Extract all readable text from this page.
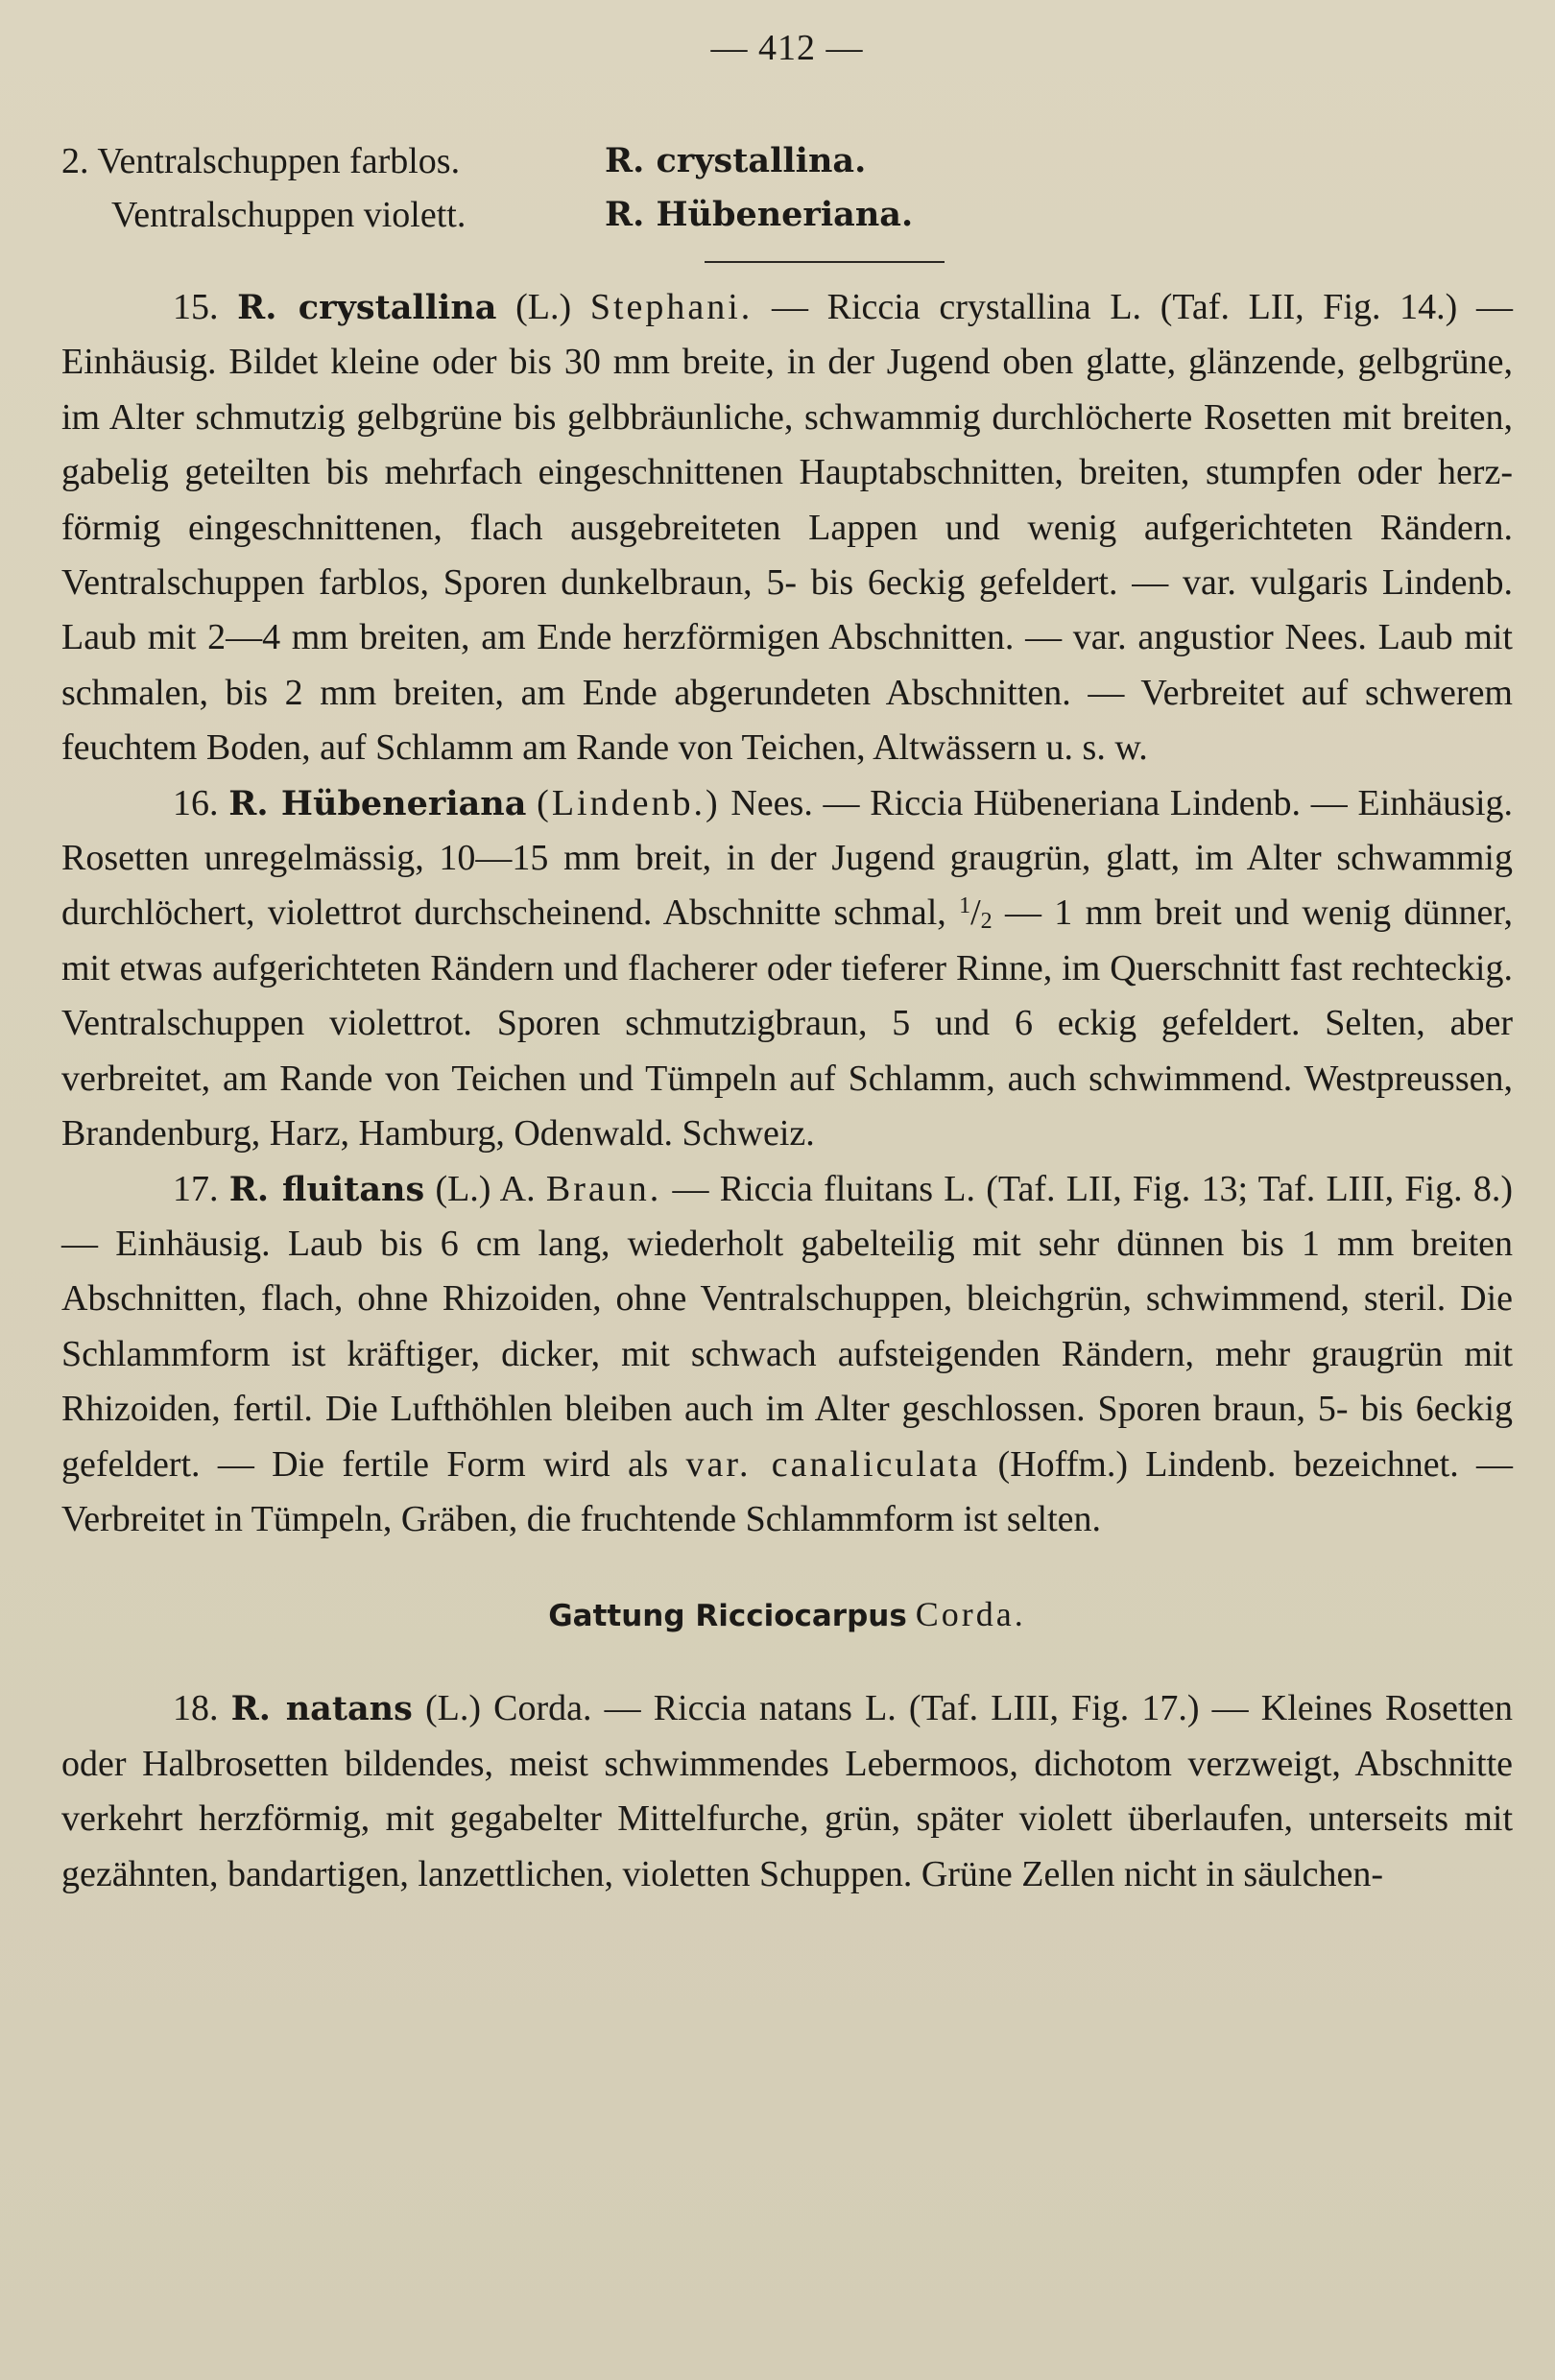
— 412 —
2. Ventralschuppen farblos.	R. crystallina.
Ventralschuppen violett.	R. Hübeneriana.

15. R. crystallina (L.) Stephani. — Riccia crystallina L. (Taf. LII, Fig. 14.) — Einhäusig. Bildet kleine oder bis 30 mm breite, in der Jugend oben glatte, glänzende, gelbgrüne, im Alter schmutzig gelbgrüne bis gelbbräunliche, schwammig durchlöcherte Rosetten mit breiten, gabelig geteilten bis mehrfach eingeschnittenen Hauptabschnitten, breiten, stumpfen oder herzförmig eingeschnittenen, flach ausgebreiteten Lappen und wenig aufgerichteten Rändern. Ventralschuppen farblos, Sporen dunkelbraun, 5- bis 6eckig gefeldert. — var. vulgaris Lindenb. Laub mit 2—4 mm breiten, am Ende herzförmigen Abschnitten. — var. angustior Nees. Laub mit schmalen, bis 2 mm breiten, am Ende abgerundeten Abschnitten. — Verbreitet auf schwerem feuchtem Boden, auf Schlamm am Rande von Teichen, Altwässern u. s. w.

16. R. Hübeneriana (Lindenb.) Nees. — Riccia Hübeneriana Lindenb. — Einhäusig. Rosetten unregelmässig, 10—15 mm breit, in der Jugend graugrün, glatt, im Alter schwammig durchlöchert, violettrot durchscheinend. Abschnitte schmal, $^1/_2$ — 1 mm breit und wenig dünner, mit etwas aufgerichteten Rändern und flacherer oder tieferer Rinne, im Querschnitt fast rechteckig. Ventralschuppen violettrot. Sporen schmutzigbraun, 5 und 6 eckig gefeldert. Selten, aber verbreitet, am Rande von Teichen und Tümpeln auf Schlamm, auch schwimmend. Westpreussen, Brandenburg, Harz, Hamburg, Odenwald. Schweiz.

17. R. fluitans (L.) A. Braun. — Riccia fluitans L. (Taf. LII, Fig. 13; Taf. LIII, Fig. 8.) — Einhäusig. Laub bis 6 cm lang, wiederholt gabelteilig mit sehr dünnen bis 1 mm breiten Abschnitten, flach, ohne Rhizoiden, ohne Ventralschuppen, bleichgrün, schwimmend, steril. Die Schlammform ist kräftiger, dicker, mit schwach aufsteigenden Rändern, mehr graugrün mit Rhizoiden, fertil. Die Lufthöhlen bleiben auch im Alter geschlossen. Sporen braun, 5- bis 6eckig gefeldert. — Die fertile Form wird als var. canaliculata (Hoffm.) Lindenb. bezeichnet. — Verbreitet in Tümpeln, Gräben, die fruchtende Schlammform ist selten.

Gattung Ricciocarpus Corda.

18. R. natans (L.) Corda. — Riccia natans L. (Taf. LIII, Fig. 17.) — Kleines Rosetten oder Halbrosetten bildendes, meist schwimmendes Lebermoos, dichotom verzweigt, Abschnitte verkehrt herzförmig, mit gegabelter Mittelfurche, grün, später violett überlaufen, unterseits mit gezähnten, bandartigen, lanzettlichen, violetten Schuppen. Grüne Zellen nicht in säulchen-
